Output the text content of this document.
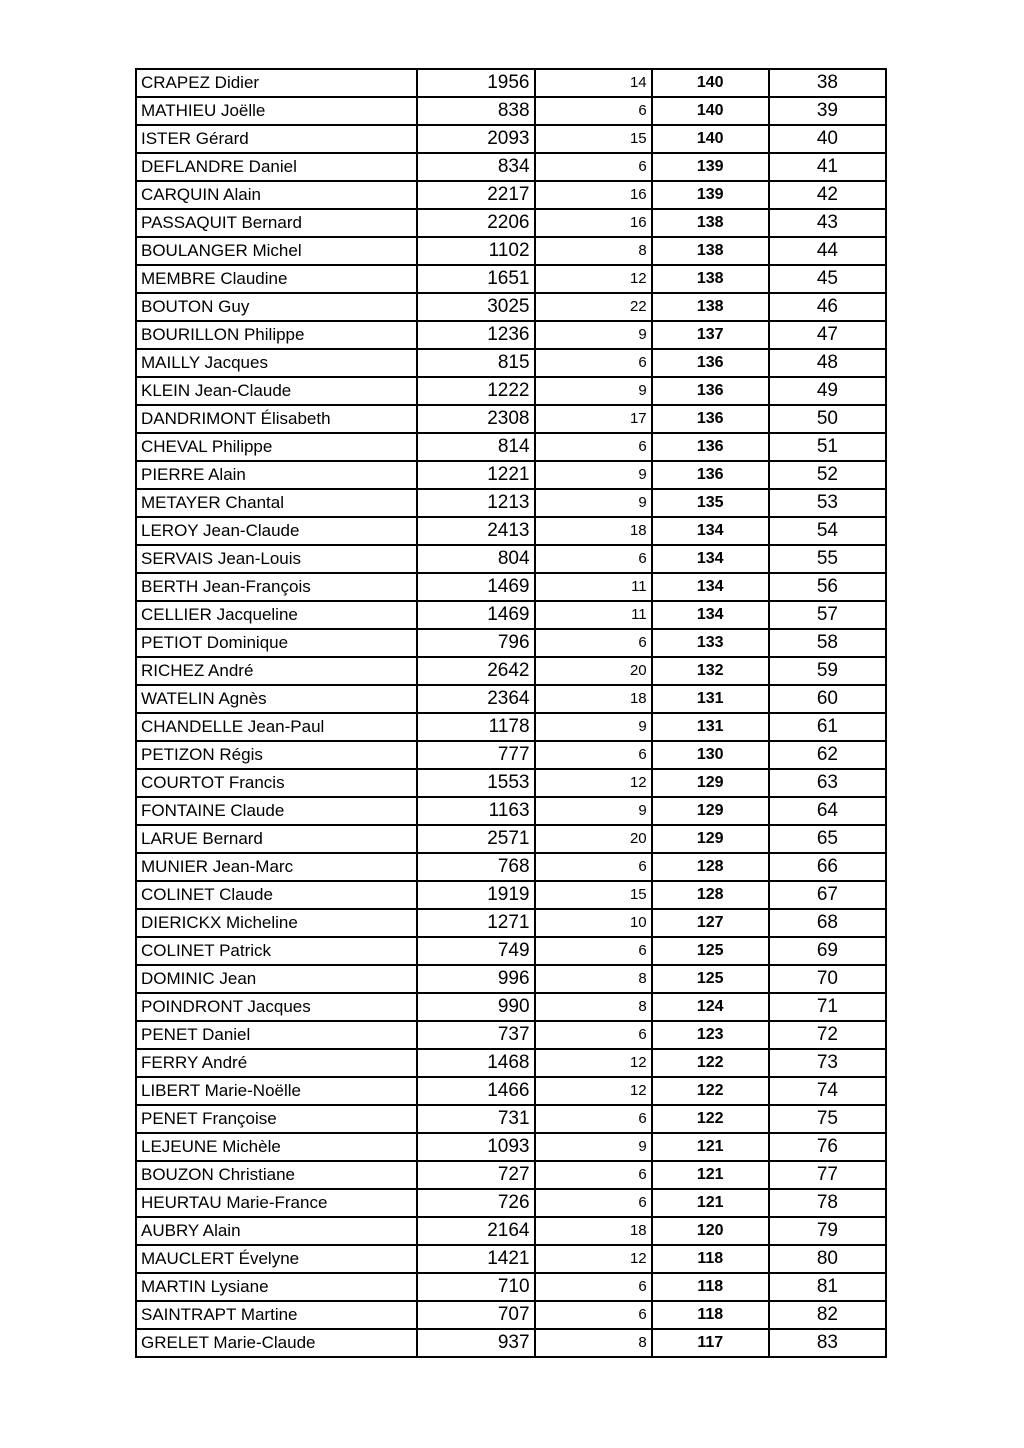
CRAPEZ Didier	1956	14	140	38
MATHIEU Joëlle	838	6	140	39
ISTER Gérard	2093	15	140	40
DEFLANDRE Daniel	834	6	139	41
CARQUIN Alain	2217	16	139	42
PASSAQUIT Bernard	2206	16	138	43
BOULANGER Michel	1102	8	138	44
MEMBRE Claudine	1651	12	138	45
BOUTON Guy	3025	22	138	46
BOURILLON Philippe	1236	9	137	47
MAILLY Jacques	815	6	136	48
KLEIN Jean-Claude	1222	9	136	49
DANDRIMONT Élisabeth	2308	17	136	50
CHEVAL Philippe	814	6	136	51
PIERRE Alain	1221	9	136	52
METAYER Chantal	1213	9	135	53
LEROY Jean-Claude	2413	18	134	54
SERVAIS Jean-Louis	804	6	134	55
BERTH Jean-François	1469	11	134	56
CELLIER Jacqueline	1469	11	134	57
PETIOT Dominique	796	6	133	58
RICHEZ André	2642	20	132	59
WATELIN Agnès	2364	18	131	60
CHANDELLE Jean-Paul	1178	9	131	61
PETIZON Régis	777	6	130	62
COURTOT Francis	1553	12	129	63
FONTAINE Claude	1163	9	129	64
LARUE Bernard	2571	20	129	65
MUNIER Jean-Marc	768	6	128	66
COLINET Claude	1919	15	128	67
DIERICKX Micheline	1271	10	127	68
COLINET Patrick	749	6	125	69
DOMINIC Jean	996	8	125	70
POINDRONT Jacques	990	8	124	71
PENET Daniel	737	6	123	72
FERRY André	1468	12	122	73
LIBERT Marie-Noëlle	1466	12	122	74
PENET Françoise	731	6	122	75
LEJEUNE Michèle	1093	9	121	76
BOUZON Christiane	727	6	121	77
HEURTAU Marie-France	726	6	121	78
AUBRY Alain	2164	18	120	79
MAUCLERT Évelyne	1421	12	118	80
MARTIN Lysiane	710	6	118	81
SAINTRAPT Martine	707	6	118	82
GRELET Marie-Claude	937	8	117	83
